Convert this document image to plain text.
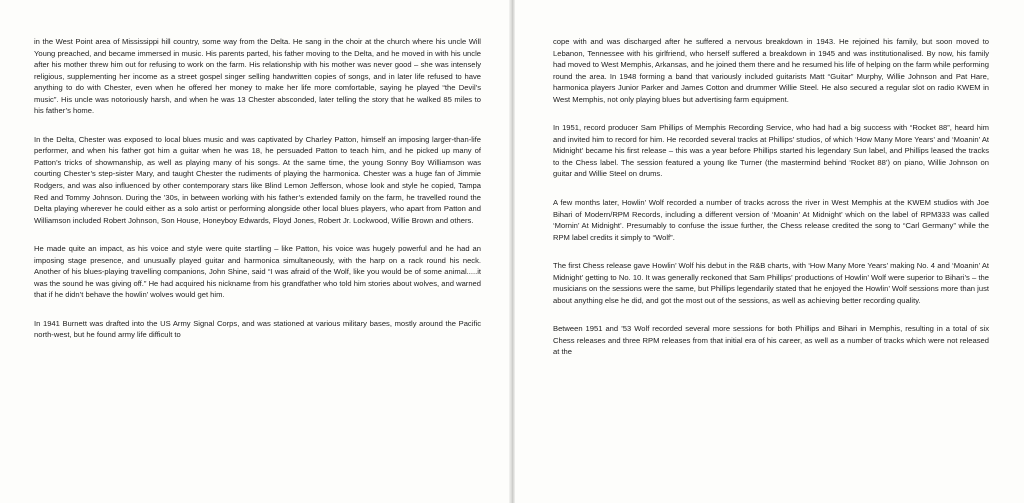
in the West Point area of Mississippi hill country, some way from the Delta. He sang in the choir at the church where his uncle Will Young preached, and became immersed in music. His parents parted, his father moving to the Delta, and he moved in with his uncle after his mother threw him out for refusing to work on the farm. His relationship with his mother was never good – she was intensely religious, supplementing her income as a street gospel singer selling handwritten copies of songs, and in later life refused to have anything to do with Chester, even when he offered her money to make her life more comfortable, saying he played “the Devil’s music”. His uncle was notoriously harsh, and when he was 13 Chester absconded, later telling the story that he walked 85 miles to his father’s home.

In the Delta, Chester was exposed to local blues music and was captivated by Charley Patton, himself an imposing larger-than-life performer, and when his father got him a guitar when he was 18, he persuaded Patton to teach him, and he picked up many of Patton’s tricks of showmanship, as well as playing many of his songs. At the same time, the young Sonny Boy Williamson was courting Chester’s step-sister Mary, and taught Chester the rudiments of playing the harmonica. Chester was a huge fan of Jimmie Rodgers, and was also influenced by other contemporary stars like Blind Lemon Jefferson, whose look and style he copied, Tampa Red and Tommy Johnson. During the ’30s, in between working with his father’s extended family on the farm, he travelled round the Delta playing wherever he could either as a solo artist or performing alongside other local blues players, who apart from Patton and Williamson included Robert Johnson, Son House, Honeyboy Edwards, Floyd Jones, Robert Jr. Lockwood, Willie Brown and others.

He made quite an impact, as his voice and style were quite startling – like Patton, his voice was hugely powerful and he had an imposing stage presence, and unusually played guitar and harmonica simultaneously, with the harp on a rack round his neck. Another of his blues-playing travelling companions, John Shine, said “I was afraid of the Wolf, like you would be of some animal.....it was the sound he was giving off.” He had acquired his nickname from his grandfather who told him stories about wolves, and warned that if he didn’t behave the howlin’ wolves would get him.

In 1941 Burnett was drafted into the US Army Signal Corps, and was stationed at various military bases, mostly around the Pacific north-west, but he found army life difficult to

cope with and was discharged after he suffered a nervous breakdown in 1943. He rejoined his family, but soon moved to Lebanon, Tennessee with his girlfriend, who herself suffered a breakdown in 1945 and was institutionalised. By now, his family had moved to West Memphis, Arkansas, and he joined them there and he resumed his life of helping on the farm while performing round the area. In 1948 forming a band that variously included guitarists Matt “Guitar” Murphy, Willie Johnson and Pat Hare, harmonica players Junior Parker and James Cotton and drummer Willie Steel. He also secured a regular slot on radio KWEM in West Memphis, not only playing blues but advertising farm equipment.

In 1951, record producer Sam Phillips of Memphis Recording Service, who had had a big success with “Rocket 88”, heard him and invited him to record for him. He recorded several tracks at Phillips’ studios, of which ‘How Many More Years’ and ‘Moanin’ At Midnight’ became his first release – this was a year before Phillips started his legendary Sun label, and Phillips leased the tracks to the Chess label. The session featured a young Ike Turner (the mastermind behind ‘Rocket 88’) on piano, Willie Johnson on guitar and Willie Steel on drums.

A few months later, Howlin’ Wolf recorded a number of tracks across the river in West Memphis at the KWEM studios with Joe Bihari of Modern/RPM Records, including a different version of ‘Moanin’ At Midnight’ which on the label of RPM333 was called ‘Mornin’ At Midnight’. Presumably to confuse the issue further, the Chess release credited the song to “Carl Germany” while the RPM label credits it simply to “Wolf”.

The first Chess release gave Howlin’ Wolf his debut in the R&B charts, with ‘How Many More Years’ making No. 4 and ‘Moanin’ At Midnight’ getting to No. 10. It was generally reckoned that Sam Phillips’ productions of Howlin’ Wolf were superior to Bihari’s – the musicians on the sessions were the same, but Phillips legendarily stated that he enjoyed the Howlin’ Wolf sessions more than just about anything else he did, and got the most out of the sessions, as well as achieving better recording quality.

Between 1951 and ’53 Wolf recorded several more sessions for both Phillips and Bihari in Memphis, resulting in a total of six Chess releases and three RPM releases from that initial era of his career, as well as a number of tracks which were not released at the
